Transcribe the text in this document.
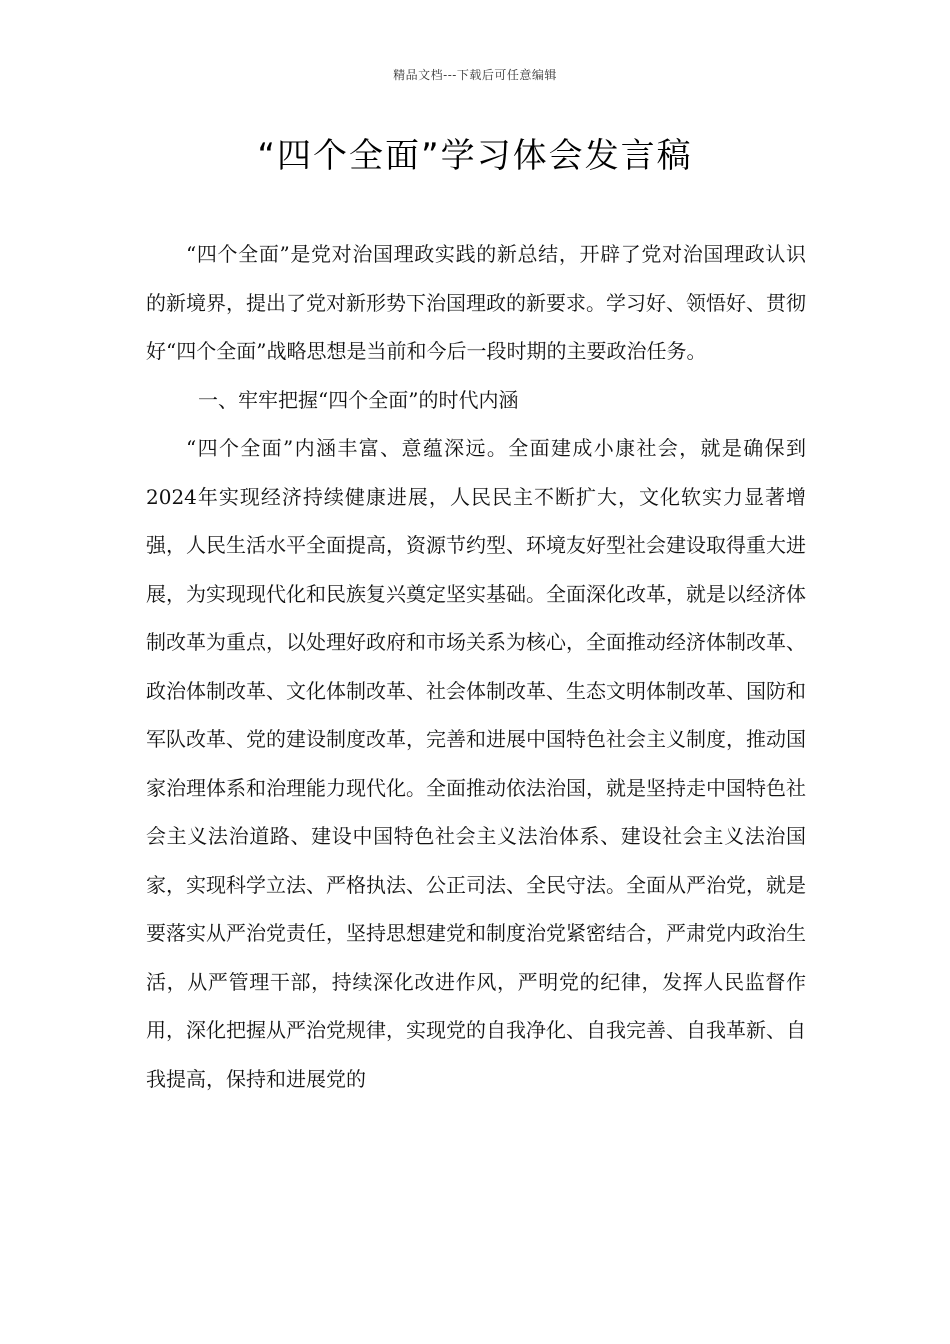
精品文档---下载后可任意编辑
“四个全面”学习体会发言稿

“四个全面”是党对治国理政实践的新总结，开辟了党对治国理政认识的新境界，提出了党对新形势下治国理政的新要求。学习好、领悟好、贯彻好“四个全面”战略思想是当前和今后一段时期的主要政治任务。

一、牢牢把握“四个全面”的时代内涵

“四个全面”内涵丰富、意蕴深远。全面建成小康社会，就是确保到2024年实现经济持续健康进展，人民民主不断扩大，文化软实力显著增强，人民生活水平全面提高，资源节约型、环境友好型社会建设取得重大进展，为实现现代化和民族复兴奠定坚实基础。全面深化改革，就是以经济体制改革为重点，以处理好政府和市场关系为核心，全面推动经济体制改革、政治体制改革、文化体制改革、社会体制改革、生态文明体制改革、国防和军队改革、党的建设制度改革，完善和进展中国特色社会主义制度，推动国家治理体系和治理能力现代化。全面推动依法治国，就是坚持走中国特色社会主义法治道路、建设中国特色社会主义法治体系、建设社会主义法治国家，实现科学立法、严格执法、公正司法、全民守法。全面从严治党，就是要落实从严治党责任，坚持思想建党和制度治党紧密结合，严肃党内政治生活，从严管理干部，持续深化改进作风，严明党的纪律，发挥人民监督作用，深化把握从严治党规律，实现党的自我净化、自我完善、自我革新、自我提高，保持和进展党的
